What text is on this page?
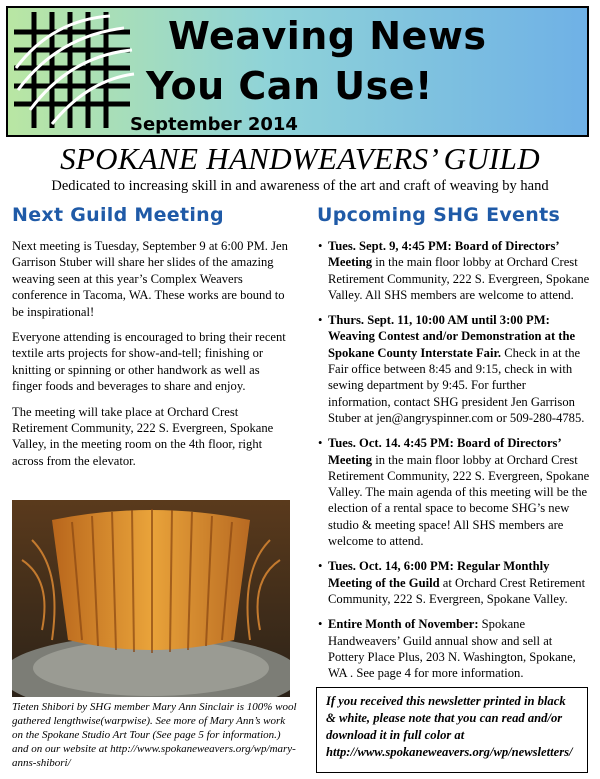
Weaving News
You Can Use!
September 2014
SPOKANE HANDWEAVERS’ GUILD
Dedicated to increasing skill in and awareness of the art and craft of weaving by hand
Next Guild Meeting	Upcoming SHG Events

Next meeting is Tuesday, September 9 at 6:00 PM. Jen Garrison Stuber will share her slides of the amazing weaving seen at this year’s Complex Weavers conference in Tacoma, WA. These works are bound to be inspirational!

Everyone attending is encouraged to bring their recent textile arts projects for show-and-tell; finishing or knitting or spinning or other handwork as well as finger foods and beverages to share and enjoy.

The meeting will take place at Orchard Crest Retirement Community, 222 S. Evergreen, Spokane Valley, in the meeting room on the 4th floor, right across from the elevator.

Tieten Shibori by SHG member Mary Ann Sinclair is 100% wool gathered lengthwise(warpwise). See more of Mary Ann’s work on the Spokane Studio Art Tour (See page 5 for information.) and on our website at http://www.spokaneweavers.org/wp/mary-anns-shibori/
• Tues. Sept. 9, 4:45 PM: Board of Directors’ Meeting in the main floor lobby at Orchard Crest Retirement Community, 222 S. Evergreen, Spokane Valley. All SHS members are welcome to attend.
• Thurs. Sept. 11, 10:00 AM until 3:00 PM: Weaving Contest and/or Demonstration at the Spokane County Interstate Fair. Check in at the Fair office between 8:45 and 9:15, check in with sewing department by 9:45. For further information, contact SHG president Jen Garrison Stuber at jen@angryspinner.com or 509-280-4785.
• Tues. Oct. 14. 4:45 PM: Board of Directors’ Meeting in the main floor lobby at Orchard Crest Retirement Community, 222 S. Evergreen, Spokane Valley. The main agenda of this meeting will be the election of a rental space to become SHG’s new studio & meeting space! All SHS members are welcome to attend.
• Tues. Oct. 14, 6:00 PM: Regular Monthly Meeting of the Guild at Orchard Crest Retirement Community, 222 S. Evergreen, Spokane Valley.
• Entire Month of November: Spokane Handweavers’ Guild annual show and sell at Pottery Place Plus, 203 N. Washington, Spokane, WA . See page 4 for more information.
If you received this newsletter printed in black & white, please note that you can read and/or download it in full color at http://www.spokaneweavers.org/wp/newsletters/
